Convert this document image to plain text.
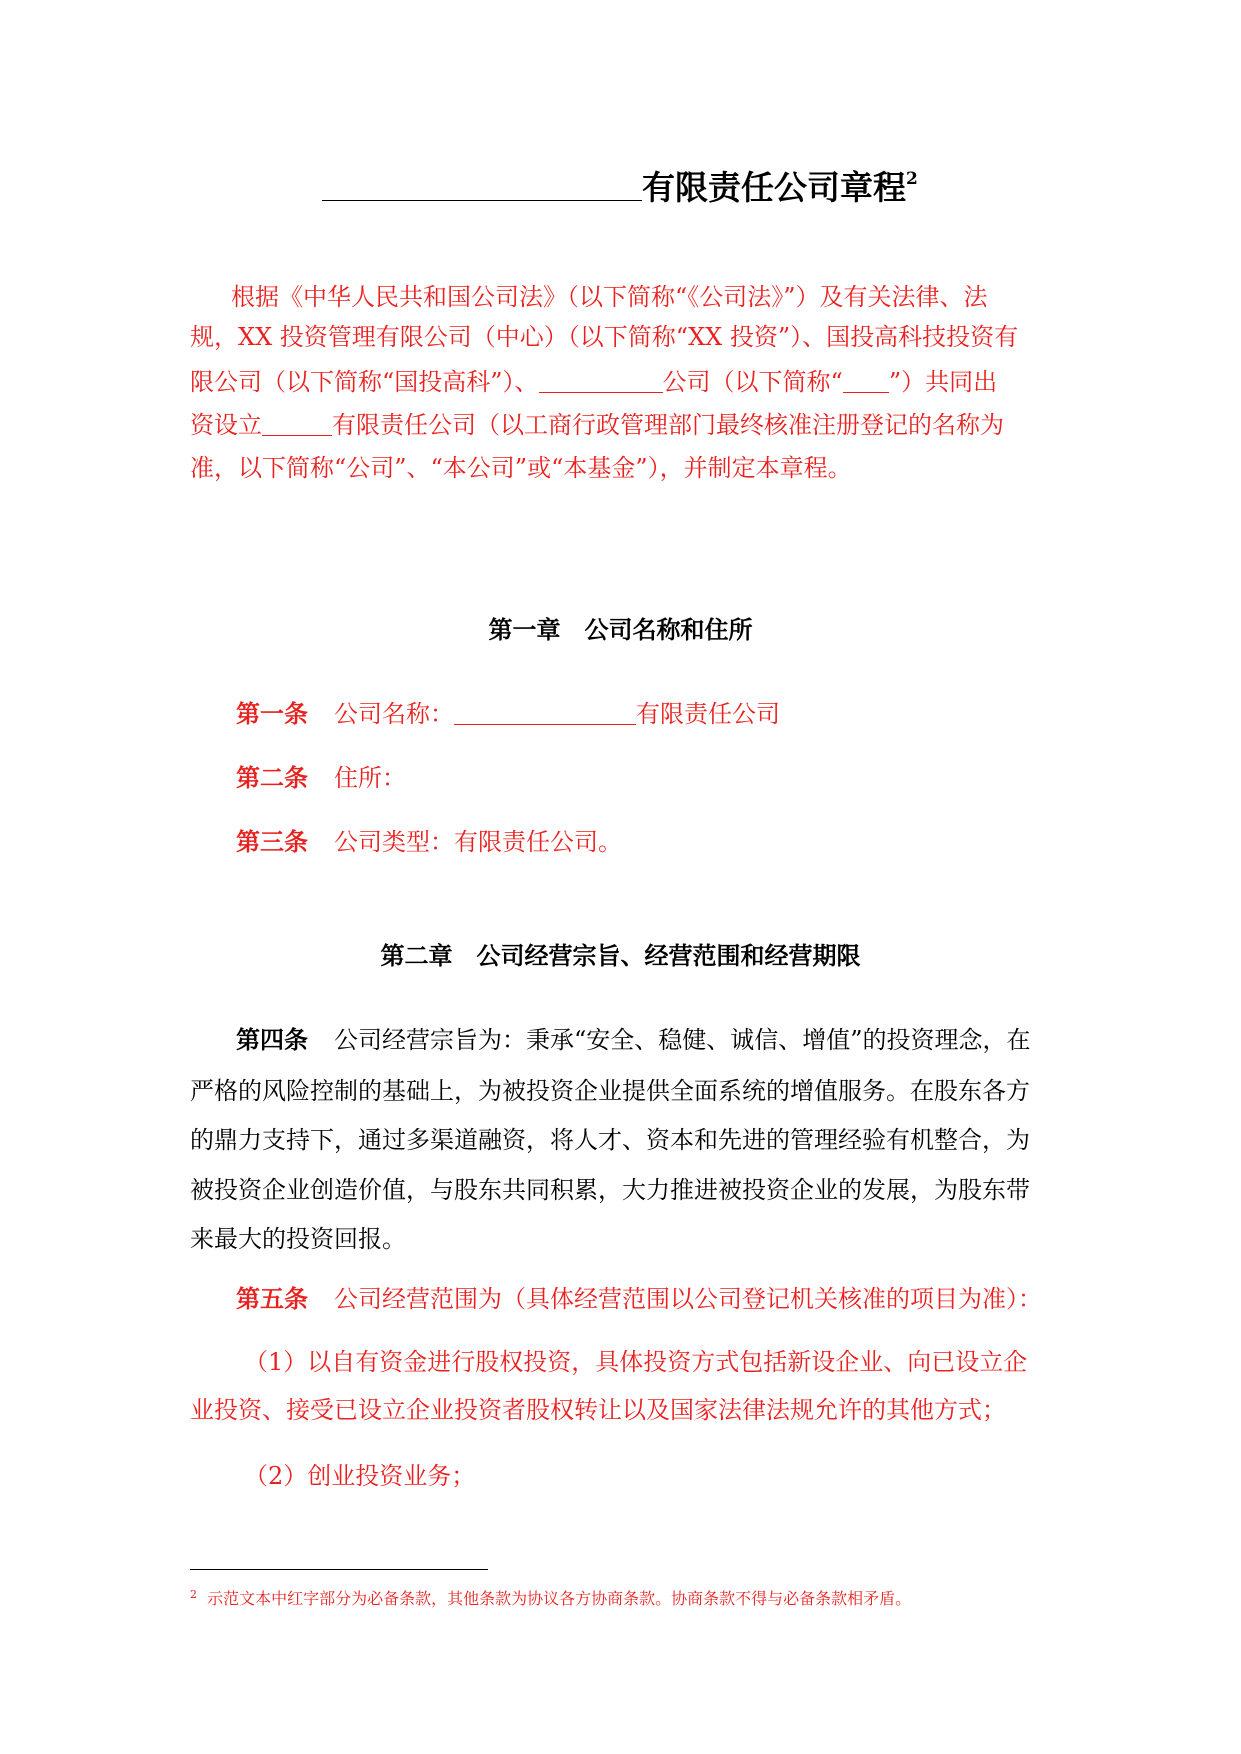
有限责任公司章程$^2$
根据《中华人民共和国公司法》（以下简称“《公司法》”）及有关法律、法
规，XX 投资管理有限公司（中心）（以下简称“XX 投资”）、国投高科技投资有
限公司（以下简称“国投高科”）、	公司（以下简称“ ”）共同出
资设立	有限责任公司（以工商行政管理部门最终核准注册登记的名称为
准，以下简称“公司”、“本公司”或“本基金”），并制定本章程。
第一章　公司名称和住所
第一条 公司名称：	有限责任公司
第二条 住所：
第三条 公司类型：有限责任公司。
第二章　公司经营宗旨、经营范围和经营期限
第四条 公司经营宗旨为：秉承“安全、稳健、诚信、增值”的投资理念，在
严格的风险控制的基础上，为被投资企业提供全面系统的增值服务。在股东各方
的鼎力支持下，通过多渠道融资，将人才、资本和先进的管理经验有机整合，为
被投资企业创造价值，与股东共同积累，大力推进被投资企业的发展，为股东带
来最大的投资回报。
第五条 公司经营范围为（具体经营范围以公司登记机关核准的项目为准）：
（1）以自有资金进行股权投资，具体投资方式包括新设企业、向已设立企
业投资、接受已设立企业投资者股权转让以及国家法律法规允许的其他方式；
（2）创业投资业务；
$^2$ 示范文本中红字部分为必备条款，其他条款为协议各方协商条款。协商条款不得与必备条款相矛盾。
